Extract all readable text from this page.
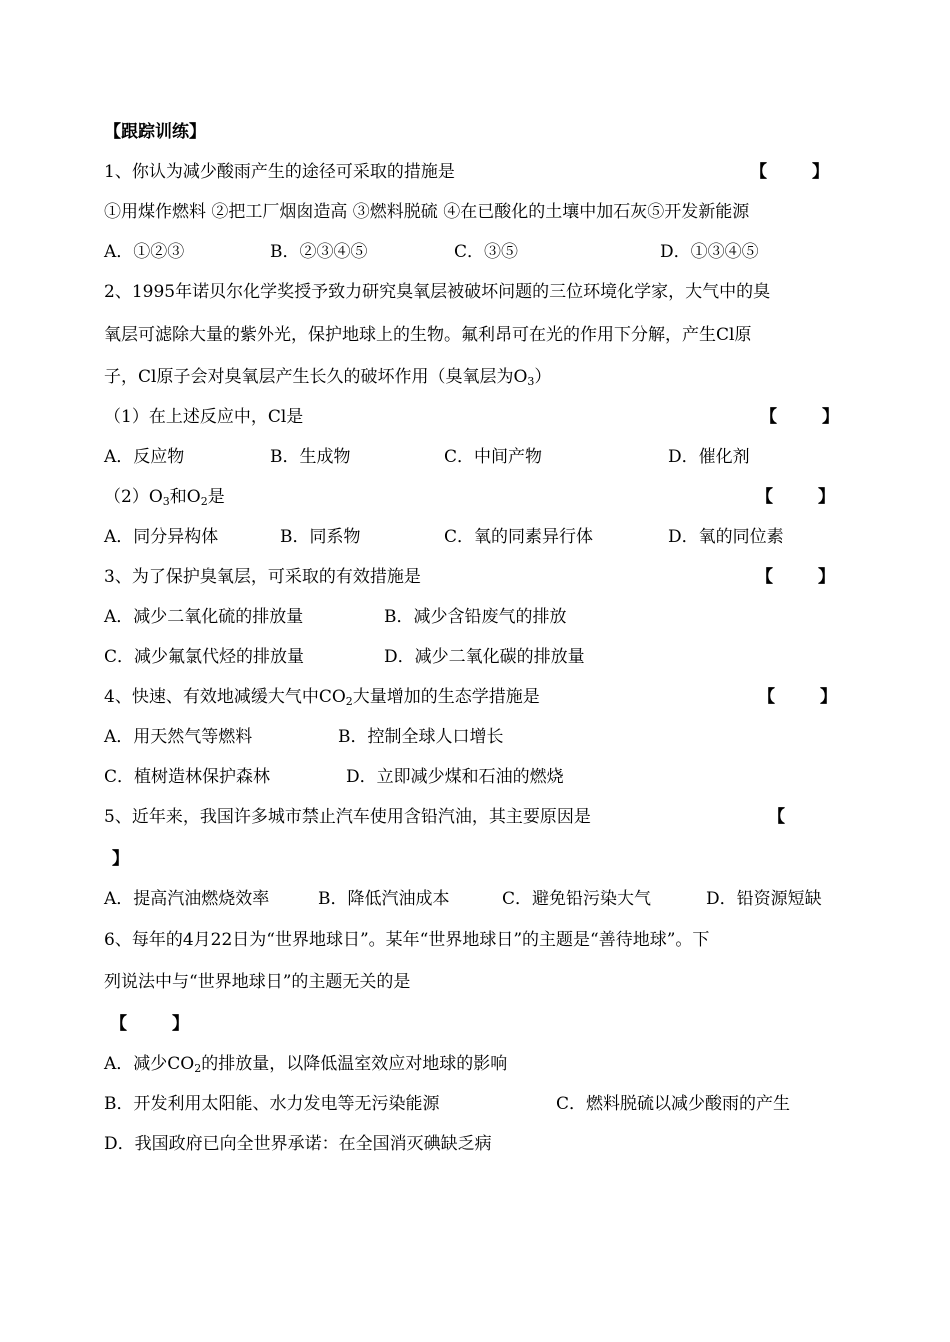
【跟踪训练】
1、你认为减少酸雨产生的途径可采取的措施是	【	】
①用煤作燃料 ②把工厂烟囱造高 ③燃料脱硫 ④在已酸化的土壤中加石灰⑤开发新能源
A．①②③	B．②③④⑤	C．③⑤	D．①③④⑤
2、1995年诺贝尔化学奖授予致力研究臭氧层被破坏问题的三位环境化学家，大气中的臭
氧层可滤除大量的紫外光，保护地球上的生物。氟利昂可在光的作用下分解，产生Cl原
子，Cl原子会对臭氧层产生长久的破坏作用（臭氧层为$O_3$）
（1）在上述反应中，Cl是	【	】
A．反应物	B．生成物	C．中间产物	D．催化剂
$(2)O_3$和$O_2$是	【	】
A．同分异构体	B．同系物	C．氧的同素异行体	D．氧的同位素
3、为了保护臭氧层，可采取的有效措施是	【	】
A．减少二氧化硫的排放量	B．减少含铅废气的排放
C．减少氟氯代烃的排放量	D．减少二氧化碳的排放量
4、快速、有效地减缓大气中$CO_2$大量增加的生态学措施是	【	】
A．用天然气等燃料	B．控制全球人口增长
C．植树造林保护森林	D．立即减少煤和石油的燃烧
5、近年来，我国许多城市禁止汽车使用含铅汽油，其主要原因是	【
】
A．提高汽油燃烧效率	B．降低汽油成本	C．避免铅污染大气	D．铅资源短缺
6、每年的4月22日为“世界地球日”。某年“世界地球日”的主题是“善待地球”。下
列说法中与“世界地球日”的主题无关的是
【	】
A．减少$CO_2$的排放量，以降低温室效应对地球的影响
B．开发利用太阳能、水力发电等无污染能源	C．燃料脱硫以减少酸雨的产生
D．我国政府已向全世界承诺：在全国消灭碘缺乏病
